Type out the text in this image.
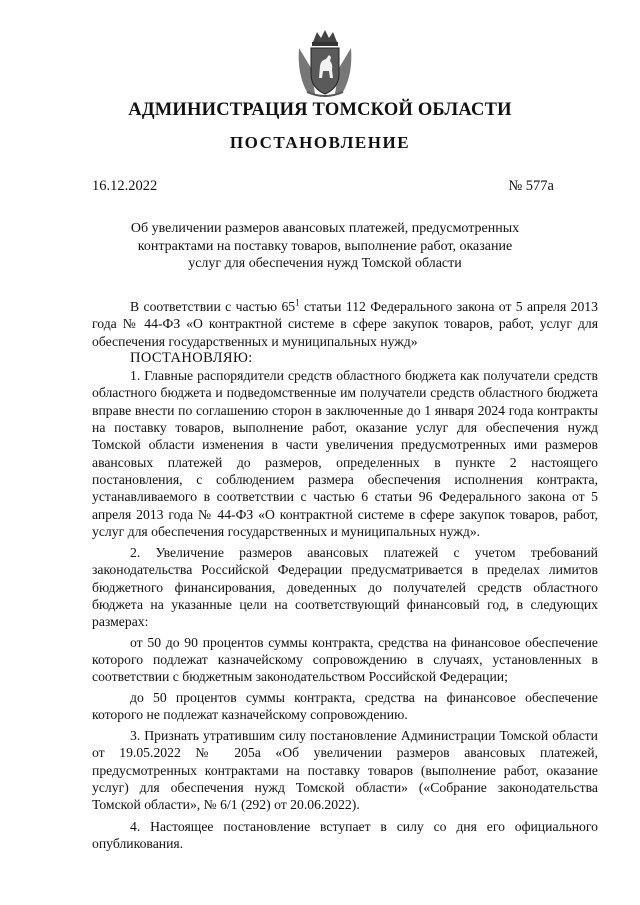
АДМИНИСТРАЦИЯ ТОМСКОЙ ОБЛАСТИ
ПОСТАНОВЛЕНИЕ
16.12.2022	№ 577а
Об увеличении размеров авансовых платежей, предусмотренных контрактами на поставку товаров, выполнение работ, оказание услуг для обеспечения нужд Томской области

В соответствии с частью $65^1$ статьи 112 Федерального закона от 5 апреля 2013 года № 44-ФЗ «О контрактной системе в сфере закупок товаров, работ, услуг для обеспечения государственных и муниципальных нужд»

ПОСТАНОВЛЯЮ:

1. Главные распорядители средств областного бюджета как получатели средств областного бюджета и подведомственные им получатели средств областного бюджета вправе внести по соглашению сторон в заключенные до 1 января 2024 года контракты на поставку товаров, выполнение работ, оказание услуг для обеспечения нужд Томской области изменения в части увеличения предусмотренных ими размеров авансовых платежей до размеров, определенных в пункте 2 настоящего постановления, с соблюдением размера обеспечения исполнения контракта, устанавливаемого в соответствии с частью 6 статьи 96 Федерального закона от 5 апреля 2013 года № 44-ФЗ «О контрактной системе в сфере закупок товаров, работ, услуг для обеспечения государственных и муниципальных нужд».

2. Увеличение размеров авансовых платежей с учетом требований законодательства Российской Федерации предусматривается в пределах лимитов бюджетного финансирования, доведенных до получателей средств областного бюджета на указанные цели на соответствующий финансовый год, в следующих размерах:

от 50 до 90 процентов суммы контракта, средства на финансовое обеспечение которого подлежат казначейскому сопровождению в случаях, установленных в соответствии с бюджетным законодательством Российской Федерации;

до 50 процентов суммы контракта, средства на финансовое обеспечение которого не подлежат казначейскому сопровождению.

3. Признать утратившим силу постановление Администрации Томской области от 19.05.2022 № 205а «Об увеличении размеров авансовых платежей, предусмотренных контрактами на поставку товаров (выполнение работ, оказание услуг) для обеспечения нужд Томской области» («Собрание законодательства Томской области», № 6/1 (292) от 20.06.2022).

4. Настоящее постановление вступает в силу со дня его официального опубликования.
